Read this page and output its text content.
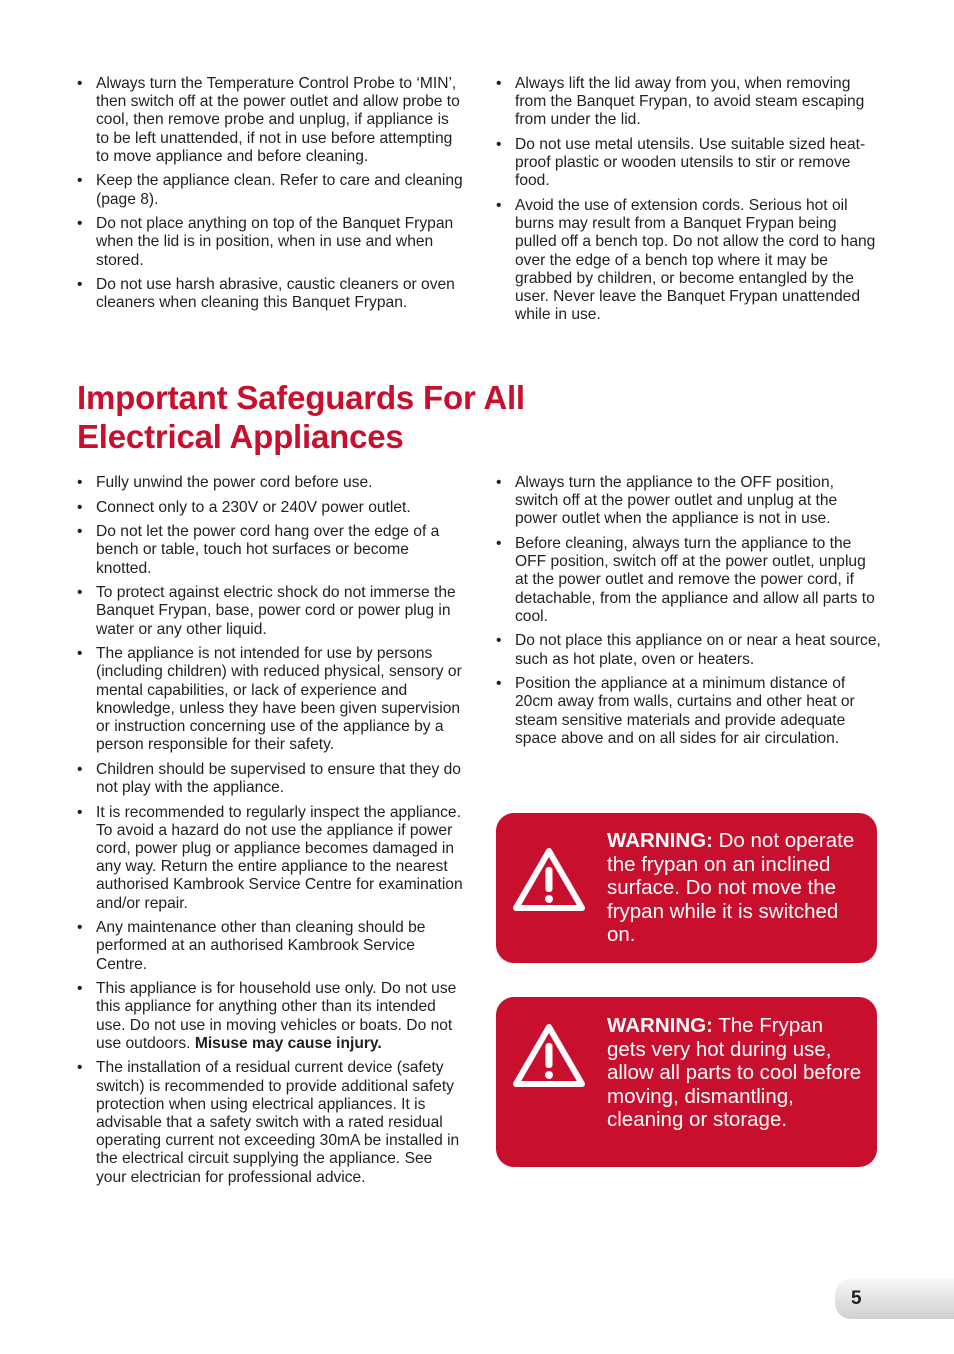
• Always turn the Temperature Control Probe to ‘MIN’, then switch off at the power outlet and allow probe to cool, then remove probe and unplug, if appliance is to be left unattended, if not in use before attempting to move appliance and before cleaning.
• Keep the appliance clean. Refer to care and cleaning (page 8).
• Do not place anything on top of the Banquet Frypan when the lid is in position, when in use and when stored.
• Do not use harsh abrasive, caustic cleaners or oven cleaners when cleaning this Banquet Frypan.
• Always lift the lid away from you, when removing from the Banquet Frypan, to avoid steam escaping from under the lid.
• Do not use metal utensils. Use suitable sized heat-proof plastic or wooden utensils to stir or remove food.
• Avoid the use of extension cords. Serious hot oil burns may result from a Banquet Frypan being pulled off a bench top. Do not allow the cord to hang over the edge of a bench top where it may be grabbed by children, or become entangled by the user. Never leave the Banquet Frypan unattended while in use.
Important Safeguards For All
Electrical Appliances
• Fully unwind the power cord before use.
• Connect only to a 230V or 240V power outlet.
• Do not let the power cord hang over the edge of a bench or table, touch hot surfaces or become knotted.
• To protect against electric shock do not immerse the Banquet Frypan, base, power cord or power plug in water or any other liquid.
• The appliance is not intended for use by persons (including children) with reduced physical, sensory or mental capabilities, or lack of experience and knowledge, unless they have been given supervision or instruction concerning use of the appliance by a person responsible for their safety.
• Children should be supervised to ensure that they do not play with the appliance.
• It is recommended to regularly inspect the appliance. To avoid a hazard do not use the appliance if power cord, power plug or appliance becomes damaged in any way. Return the entire appliance to the nearest authorised Kambrook Service Centre for examination and/or repair.
• Any maintenance other than cleaning should be performed at an authorised Kambrook Service Centre.
• This appliance is for household use only. Do not use this appliance for anything other than its intended use. Do not use in moving vehicles or boats. Do not use outdoors. Misuse may cause injury.
• The installation of a residual current device (safety switch) is recommended to provide additional safety protection when using electrical appliances. It is advisable that a safety switch with a rated residual operating current not exceeding 30mA be installed in the electrical circuit supplying the appliance. See your electrician for professional advice.
• Always turn the appliance to the OFF position, switch off at the power outlet and unplug at the power outlet when the appliance is not in use.
• Before cleaning, always turn the appliance to the OFF position, switch off at the power outlet, unplug at the power outlet and remove the power cord, if detachable, from the appliance and allow all parts to cool.
• Do not place this appliance on or near a heat source, such as hot plate, oven or heaters.
• Position the appliance at a minimum distance of 20cm away from walls, curtains and other heat or steam sensitive materials and provide adequate space above and on all sides for air circulation.
WARNING: Do not operate the frypan on an inclined surface. Do not move the frypan while it is switched on.
WARNING: The Frypan gets very hot during use, allow all parts to cool before moving, dismantling, cleaning or storage.
5
